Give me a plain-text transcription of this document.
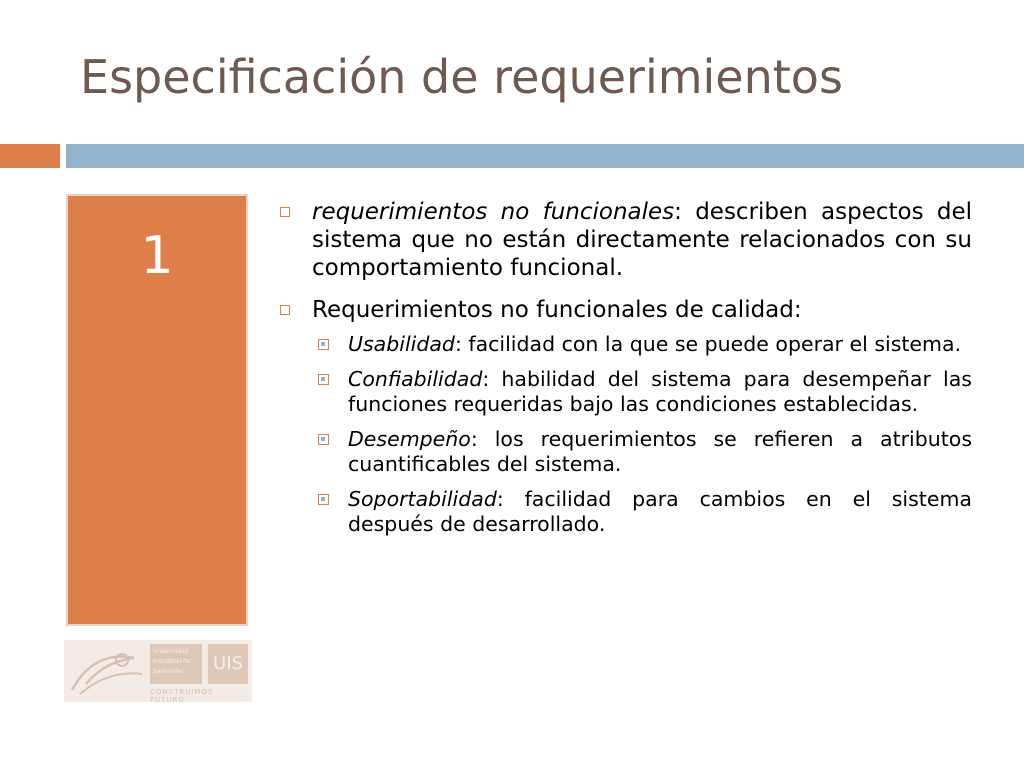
Especificación de requerimientos
1
Universidad Industrial de Santander	UIS
CONSTRUIMOS FUTURO
requerimientos no funcionales: describen aspectos del sistema que no están directamente relacionados con su comportamiento funcional.
Requerimientos no funcionales de calidad:
Usabilidad: facilidad con la que se puede operar el sistema.
Confiabilidad: habilidad del sistema para desempeñar las funciones requeridas bajo las condiciones establecidas.
Desempeño: los requerimientos se refieren a atributos cuantificables del sistema.
Soportabilidad: facilidad para cambios en el sistema después de desarrollado.
